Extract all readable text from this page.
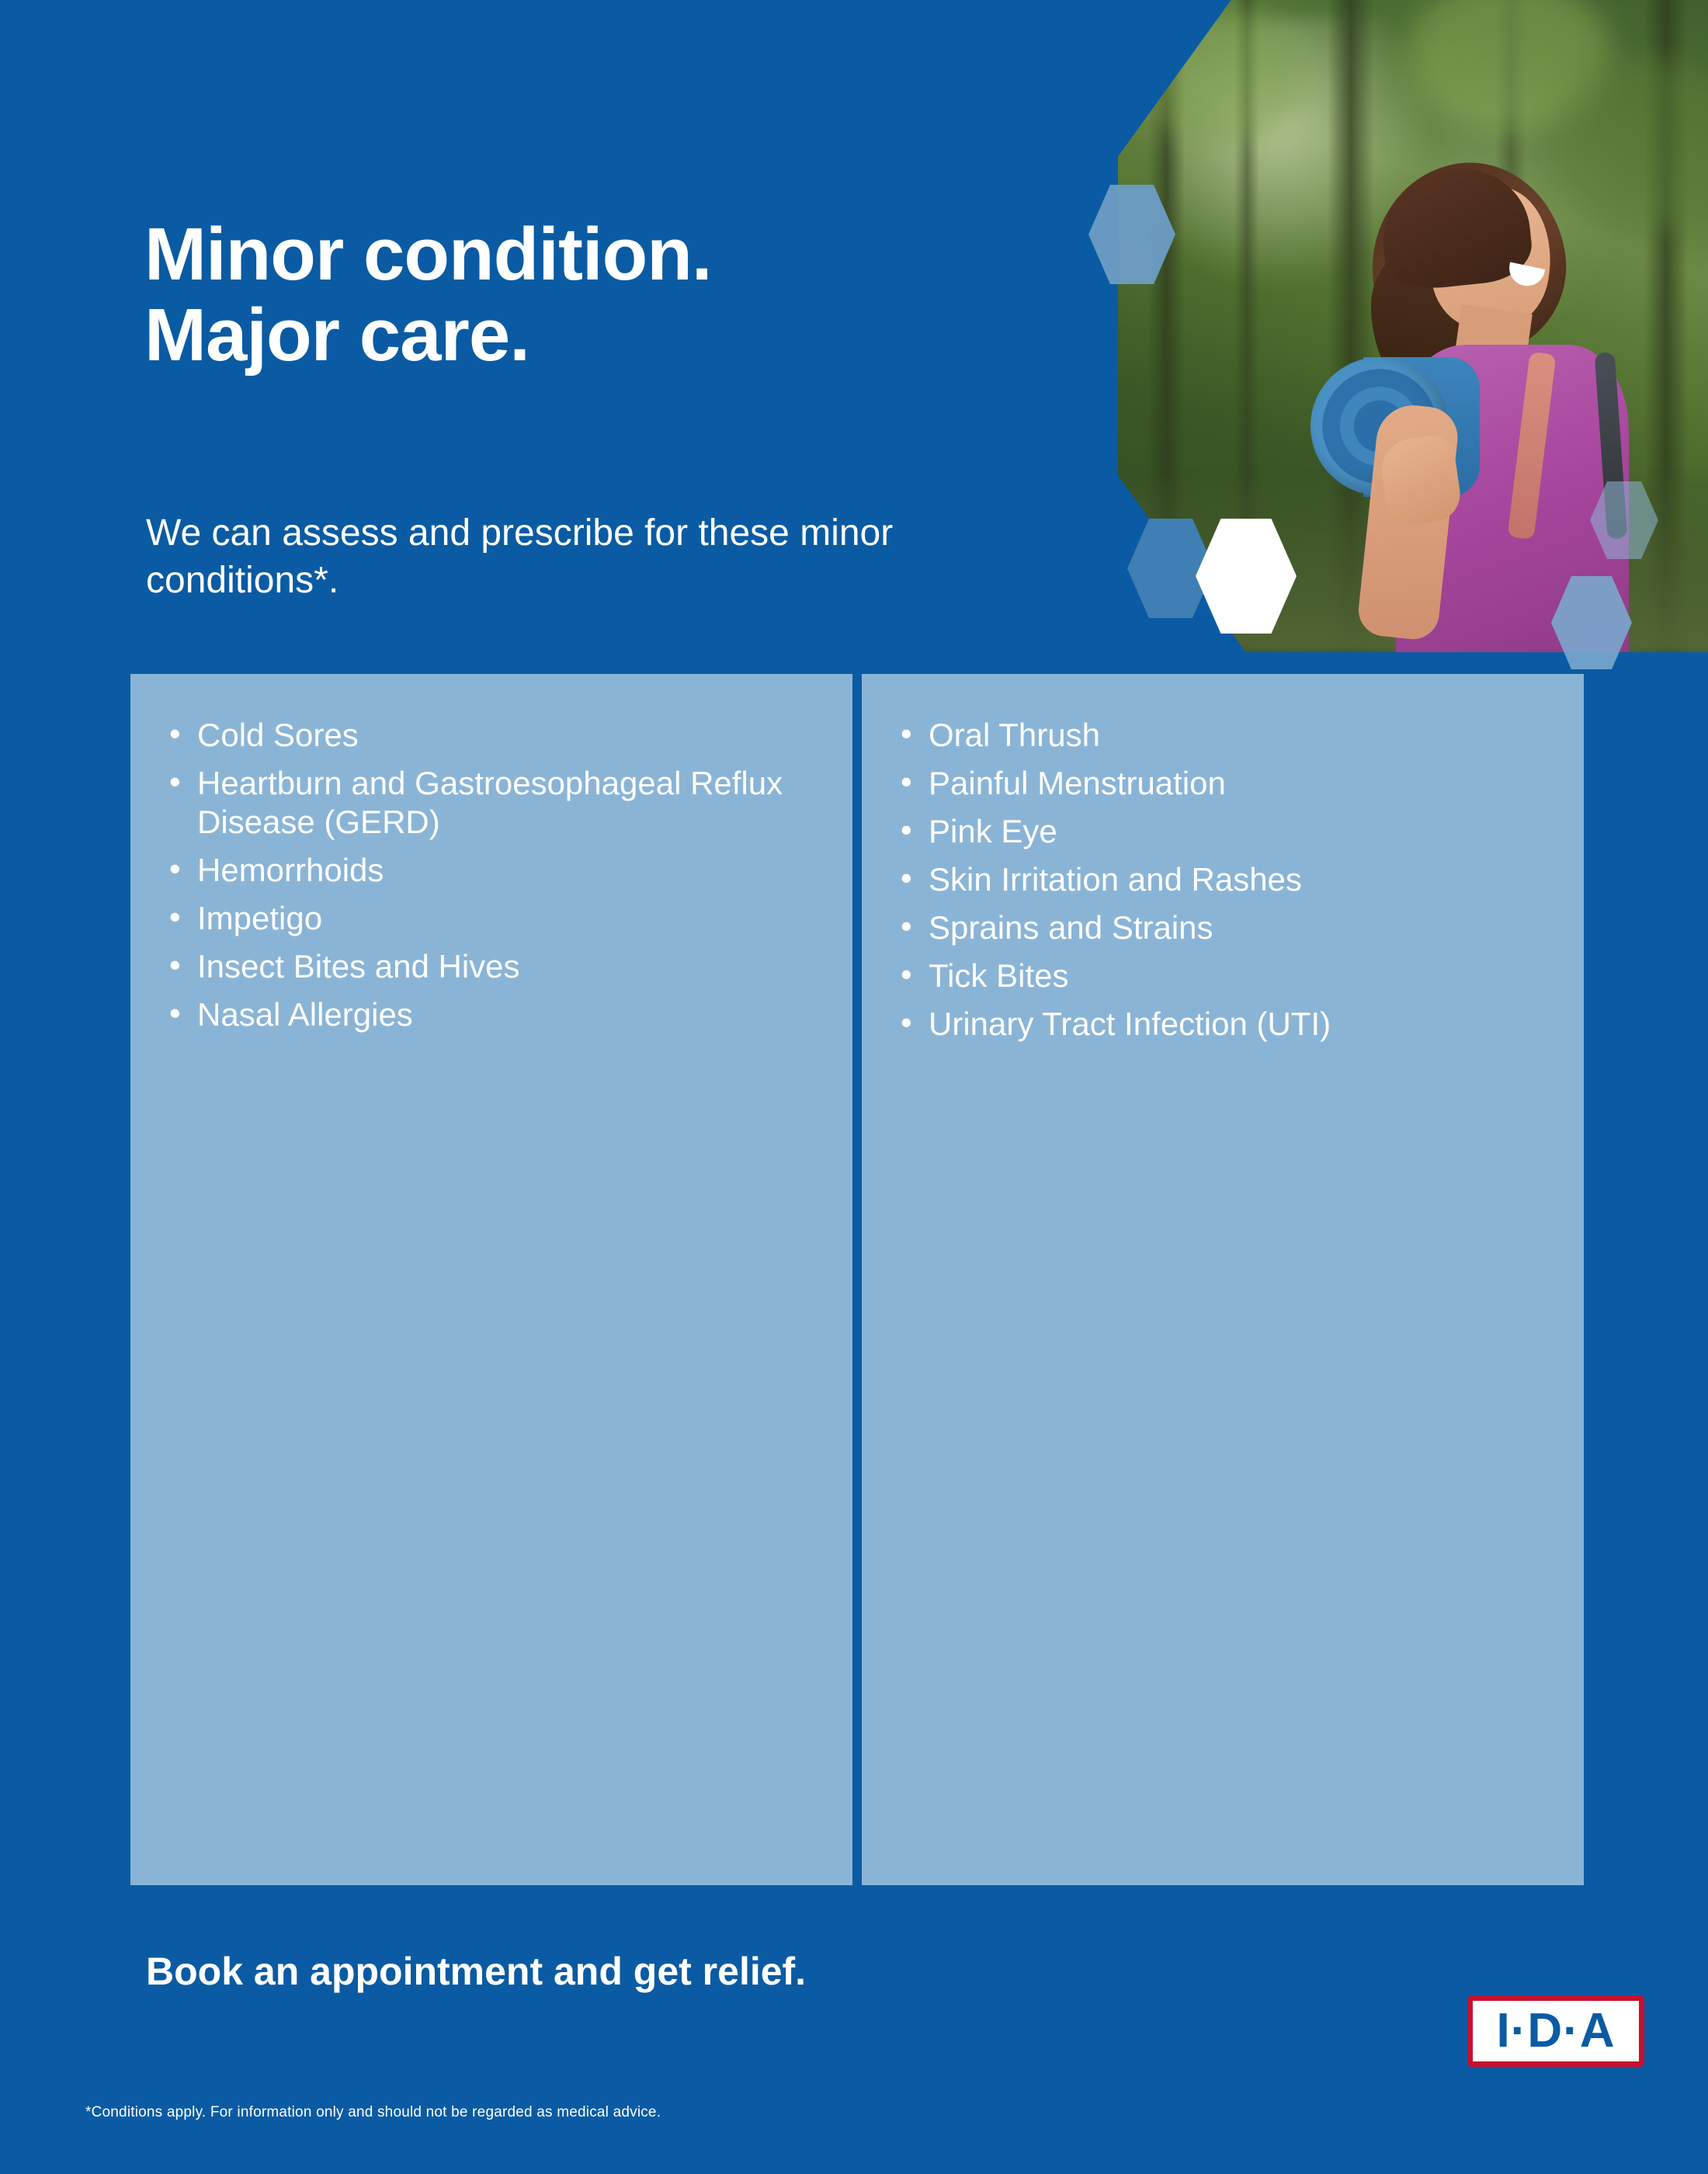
Minor condition.
Major care.

We can assess and prescribe for these minor conditions*.

• Cold Sores
• Heartburn and Gastroesophageal Reflux Disease (GERD)
• Hemorrhoids
• Impetigo
• Insect Bites and Hives
• Nasal Allergies
• Oral Thrush
• Painful Menstruation
• Pink Eye
• Skin Irritation and Rashes
• Sprains and Strains
• Tick Bites
• Urinary Tract Infection (UTI)
Book an appointment and get relief.
I·D·A
*Conditions apply. For information only and should not be regarded as medical advice.
